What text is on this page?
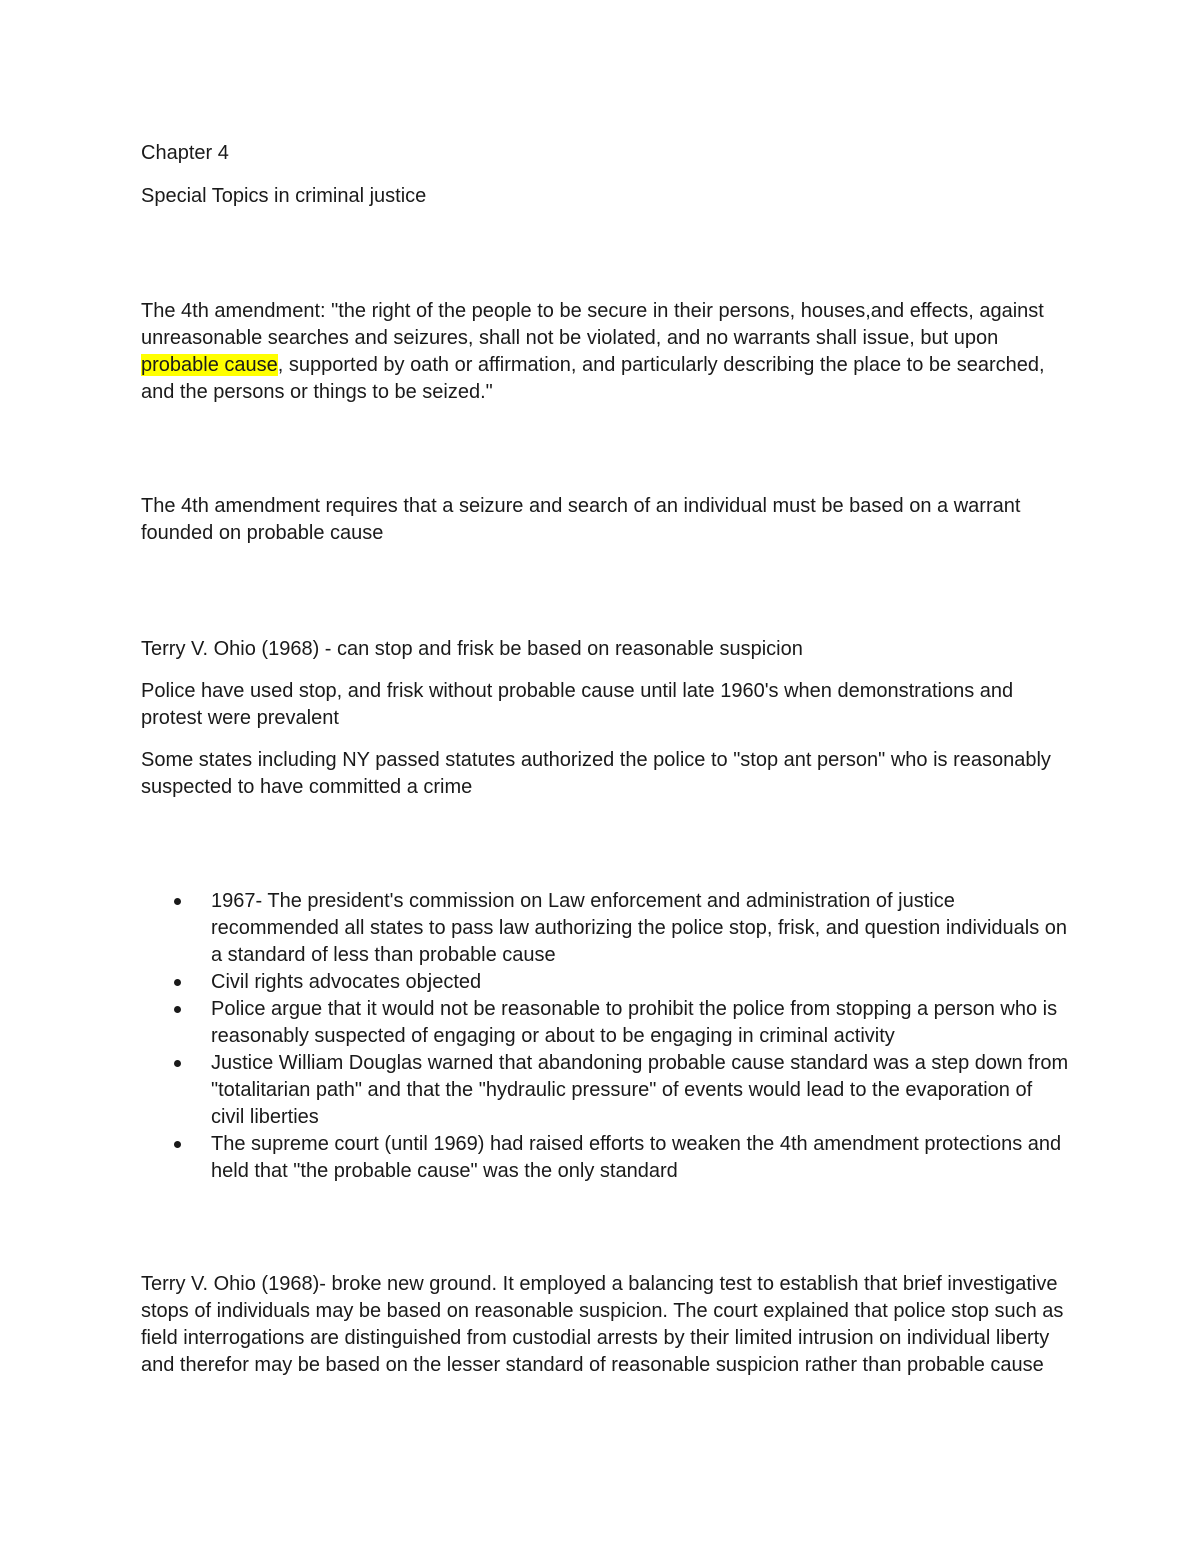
Chapter 4

Special Topics in criminal justice

The 4th amendment: "the right of the people to be secure in their persons, houses,and effects, against unreasonable searches and seizures, shall not be violated, and no warrants shall issue, but upon probable cause, supported by oath or affirmation, and particularly describing the place to be searched, and the persons or things to be seized."

The 4th amendment requires that a seizure and search of an individual must be based on a warrant founded on probable cause

Terry V. Ohio (1968) - can stop and frisk be based on reasonable suspicion

Police have used stop, and frisk without probable cause until late 1960's when demonstrations and protest were prevalent

Some states including NY passed statutes authorized the police to "stop ant person" who is reasonably suspected to have committed a crime

1967- The president's commission on Law enforcement and administration of justice recommended all states to pass law authorizing the police stop, frisk, and question individuals on a standard of less than probable cause
Civil rights advocates objected
Police argue that it would not be reasonable to prohibit the police from stopping a person who is reasonably suspected of engaging or about to be engaging in criminal activity
Justice William Douglas warned that abandoning probable cause standard was a step down from "totalitarian path" and that the "hydraulic pressure" of events would lead to the evaporation of civil liberties
The supreme court (until 1969) had raised efforts to weaken the 4th amendment protections and held that "the probable cause" was the only standard

Terry V. Ohio (1968)- broke new ground. It employed a balancing test to establish that brief investigative stops of individuals may be based on reasonable suspicion. The court explained that police stop such as field interrogations are distinguished from custodial arrests by their limited intrusion on individual liberty and therefor may be based on the lesser standard of reasonable suspicion rather than probable cause
